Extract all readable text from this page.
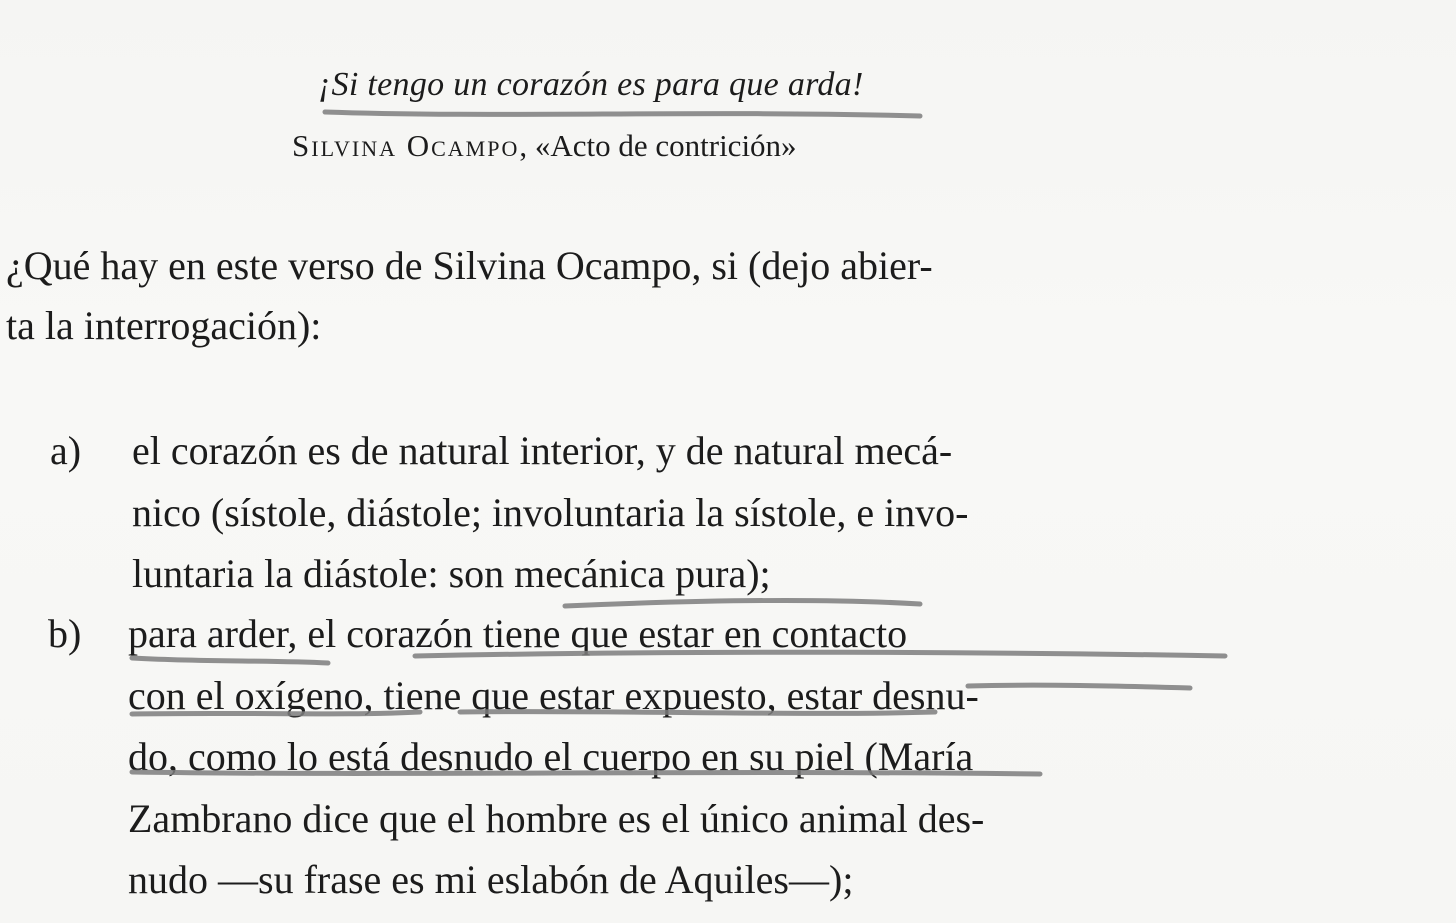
¡Si tengo un corazón es para que arda!
Silvina Ocampo, «Acto de contrición»
¿Qué hay en este verso de Silvina Ocampo, si (dejo abier-
ta la interrogación):
a) el corazón es de natural interior, y de natural mecá-
nico (sístole, diástole; involuntaria la sístole, e invo-
luntaria la diástole: son mecánica pura);
b) para arder, el corazón tiene que estar en contacto
con el oxígeno, tiene que estar expuesto, estar desnu-
do, como lo está desnudo el cuerpo en su piel (María
Zambrano dice que el hombre es el único animal des-
nudo —su frase es mi eslabón de Aquiles—);
